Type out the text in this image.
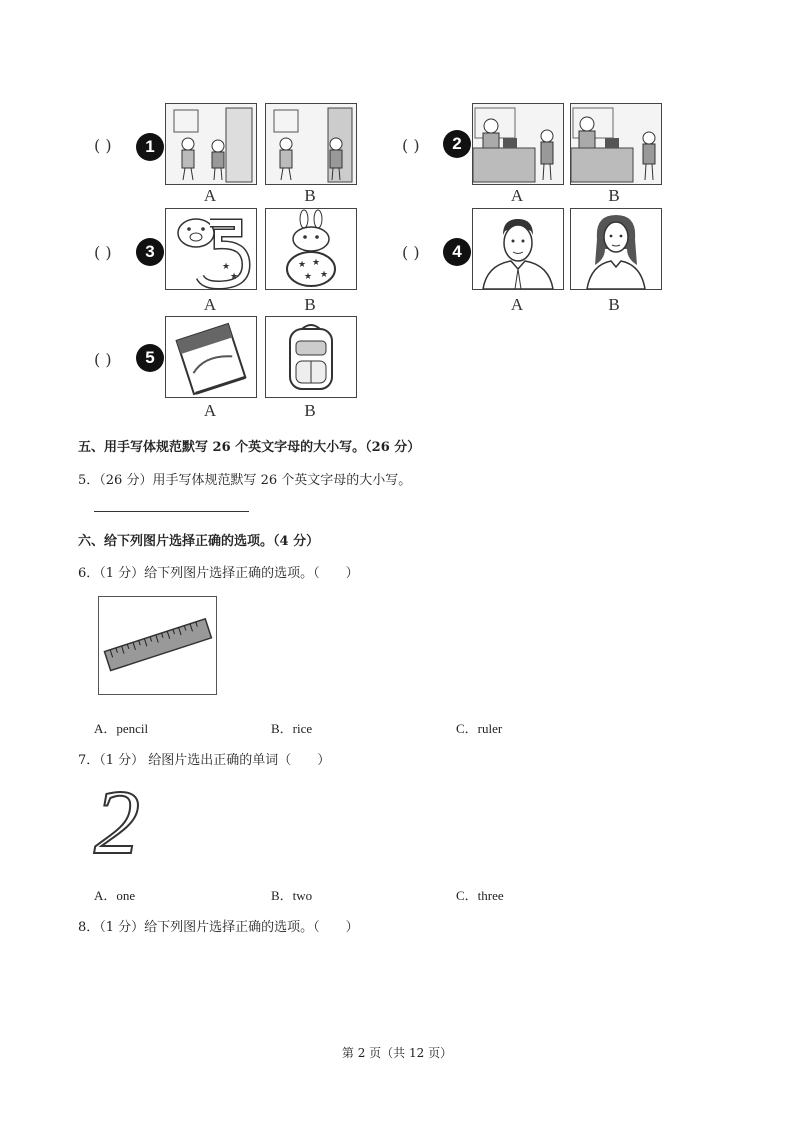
( )	1
A	B
( )	2
A	B
( )	3
★
★
★ ★
★ ★
A	B
( )	4
A	B
( )	5
A	B
五、用手写体规范默写 26 个英文字母的大小写。（26 分）
5．（26 分）用手写体规范默写 26 个英文字母的大小写。
六、给下列图片选择正确的选项。（4 分）
6．（1 分）给下列图片选择正确的选项。（　　）
A．pencil	B．rice	C．ruler
7．（1 分） 给图片选出正确的单词（　　）
2
A．one	B．two	C．three
8．（1 分）给下列图片选择正确的选项。（　　）
第 2 页（共 12 页）
